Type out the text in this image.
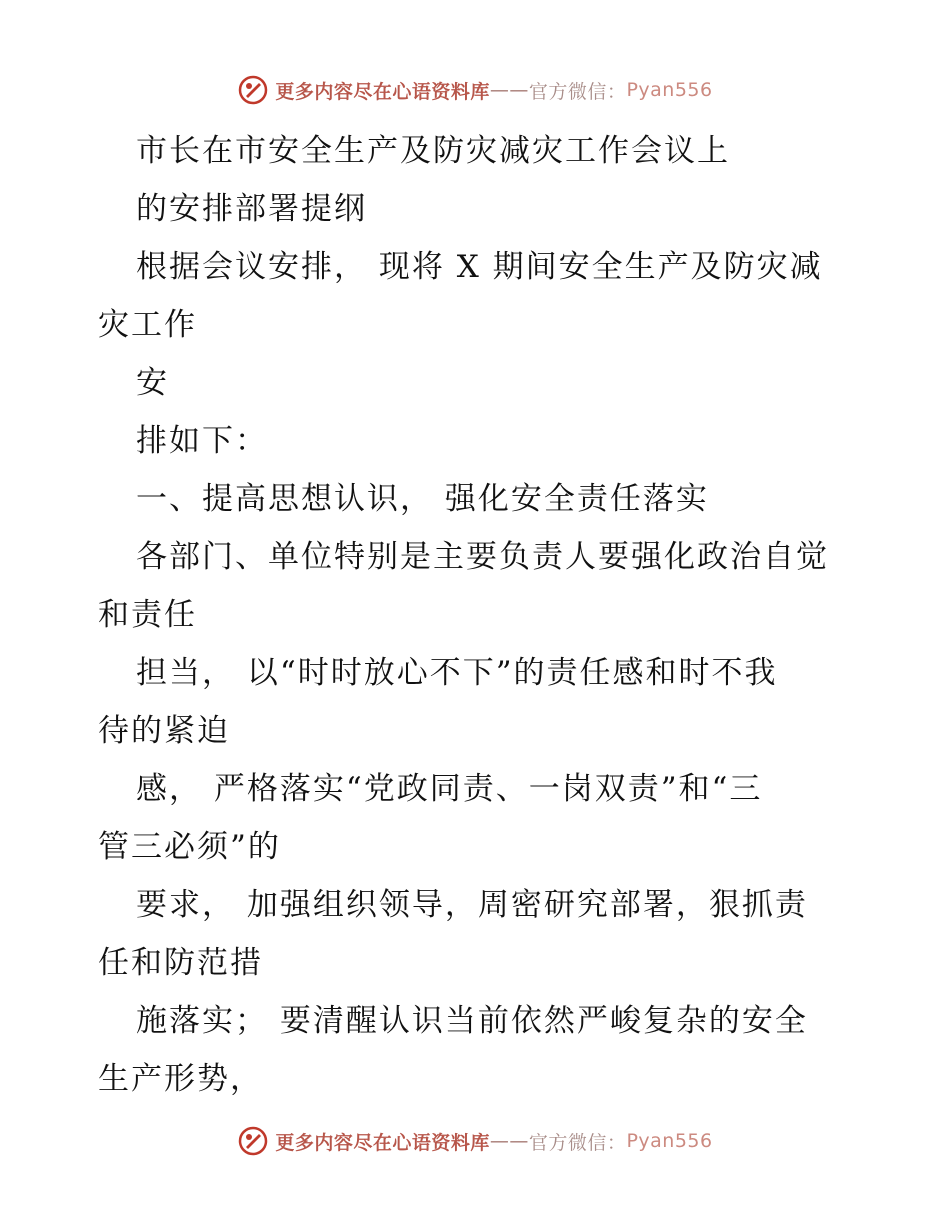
更多内容尽在心语资料库 —— 官方微信： Pyan556
市长在市安全生产及防灾减灾工作会议上
的安排部署提纲
根据会议安排， 现将 X 期间安全生产及防灾减
灾工作
安
排如下：
一、提高思想认识， 强化安全责任落实
各部门、单位特别是主要负责人要强化政治自觉
和责任
担当， 以“时时放心不下”的责任感和时不我
待的紧迫
感， 严格落实“党政同责、一岗双责”和“三
管三必须”的
要求， 加强组织领导，周密研究部署，狠抓责
任和防范措
施落实； 要清醒认识当前依然严峻复杂的安全
生产形势，
更多内容尽在心语资料库 —— 官方微信： Pyan556
